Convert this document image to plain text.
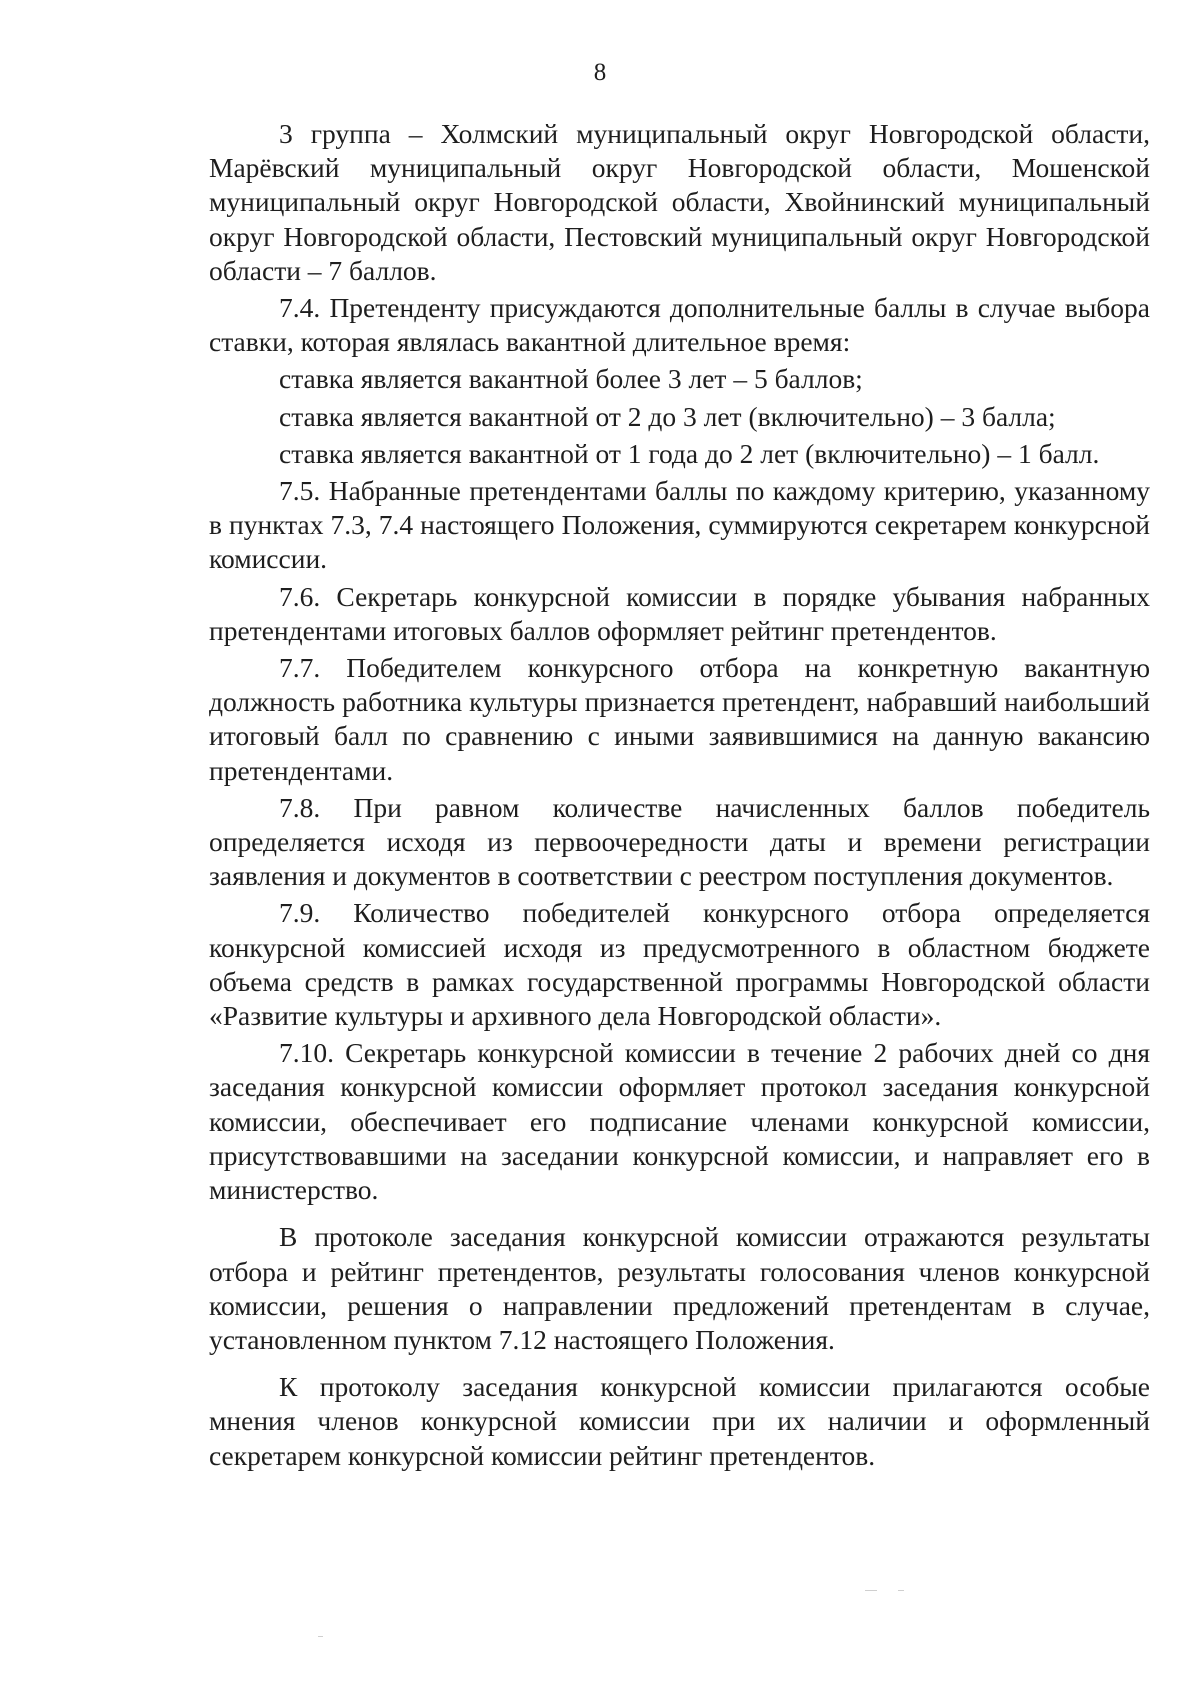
8

3 группа – Холмский муниципальный округ Новгородской области, Марёвский муниципальный округ Новгородской области, Мошенской муниципальный округ Новгородской области, Хвойнинский муниципальный округ Новгородской области, Пестовский муниципальный округ Новгородской области – 7 баллов.

7.4. Претенденту присуждаются дополнительные баллы в случае выбора ставки, которая являлась вакантной длительное время:

ставка является вакантной более 3 лет – 5 баллов;

ставка является вакантной от 2 до 3 лет (включительно) – 3 балла;

ставка является вакантной от 1 года до 2 лет (включительно) – 1 балл.

7.5. Набранные претендентами баллы по каждому критерию, указанному в пунктах 7.3, 7.4 настоящего Положения, суммируются секретарем конкурсной комиссии.

7.6. Секретарь конкурсной комиссии в порядке убывания набранных претендентами итоговых баллов оформляет рейтинг претендентов.

7.7. Победителем конкурсного отбора на конкретную вакантную должность работника культуры признается претендент, набравший наибольший итоговый балл по сравнению с иными заявившимися на данную вакансию претендентами.

7.8. При равном количестве начисленных баллов победитель определяется исходя из первоочередности даты и времени регистрации заявления и документов в соответствии с реестром поступления документов.

7.9. Количество победителей конкурсного отбора определяется конкурсной комиссией исходя из предусмотренного в областном бюджете объема средств в рамках государственной программы Новгородской области «Развитие культуры и архивного дела Новгородской области».

7.10. Секретарь конкурсной комиссии в течение 2 рабочих дней со дня заседания конкурсной комиссии оформляет протокол заседания конкурсной комиссии, обеспечивает его подписание членами конкурсной комиссии, присутствовавшими на заседании конкурсной комиссии, и направляет его в министерство.

В протоколе заседания конкурсной комиссии отражаются результаты отбора и рейтинг претендентов, результаты голосования членов конкурсной комиссии, решения о направлении предложений претендентам в случае, установленном пунктом 7.12 настоящего Положения.

К протоколу заседания конкурсной комиссии прилагаются особые мнения членов конкурсной комиссии при их наличии и оформленный секретарем конкурсной комиссии рейтинг претендентов.
